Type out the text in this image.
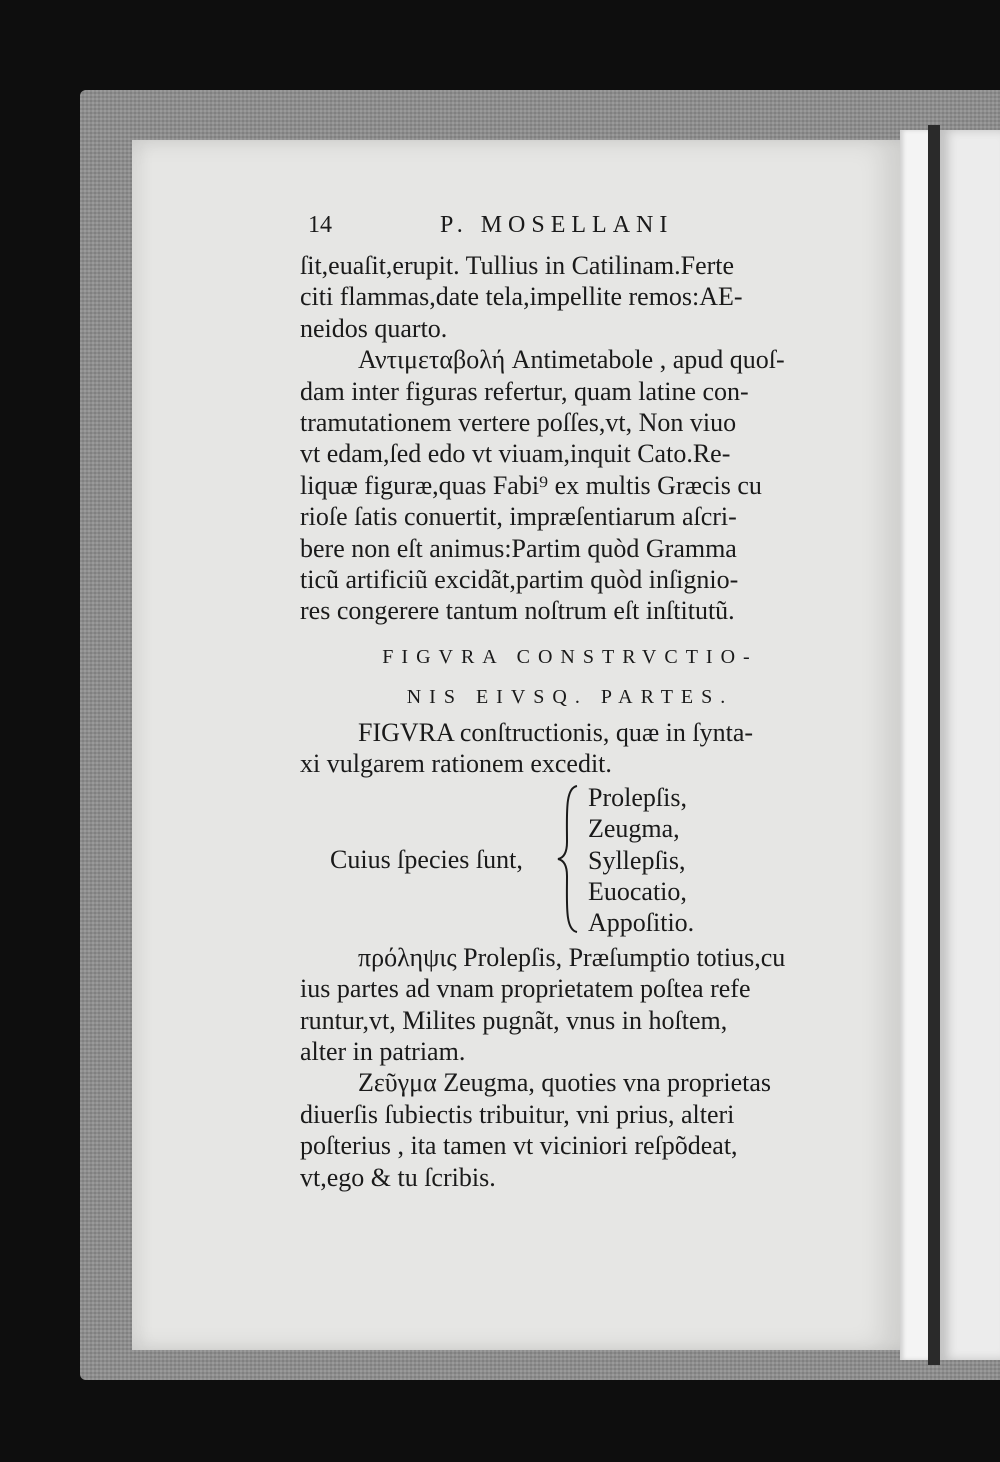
14	P. MOSELLANI
ſit,euaſit,erupit. Tullius in Catilinam.Ferte
citi flammas,date tela,impellite remos:AE-
neidos quarto.
Αντιμεταβολή Antimetabole , apud quoſ-
dam inter figuras refertur, quam latine con-
tramutationem vertere poſſes,vt, Non viuo
vt edam,ſed edo vt viuam,inquit Cato.Re-
liquæ figuræ,quas Fabi⁹ ex multis Græcis cu
rioſe ſatis conuertit, impræſentiarum aſcri-
bere non eſt animus:Partim quòd Gramma
ticũ artificiũ excidãt,partim quòd inſignio-
res congerere tantum noſtrum eſt inſtitutũ.
FIGVRA CONSTRVCTIO-
NIS EIVSQ. PARTES.
FIGVRA conſtructionis, quæ in ſynta-
xi vulgarem rationem excedit.
Cuius ſpecies ſunt,
Prolepſis,
Zeugma,
Syllepſis,
Euocatio,
Appoſitio.
πρόληψις Prolepſis, Præſumptio totius,cu
ius partes ad vnam proprietatem poſtea refe
runtur,vt, Milites pugnãt, vnus in hoſtem,
alter in patriam.
Ζεῦγμα Zeugma, quoties vna proprietas
diuerſis ſubiectis tribuitur, vni prius, alteri
poſterius , ita tamen vt viciniori reſpõdeat,
vt,ego & tu ſcribis.
